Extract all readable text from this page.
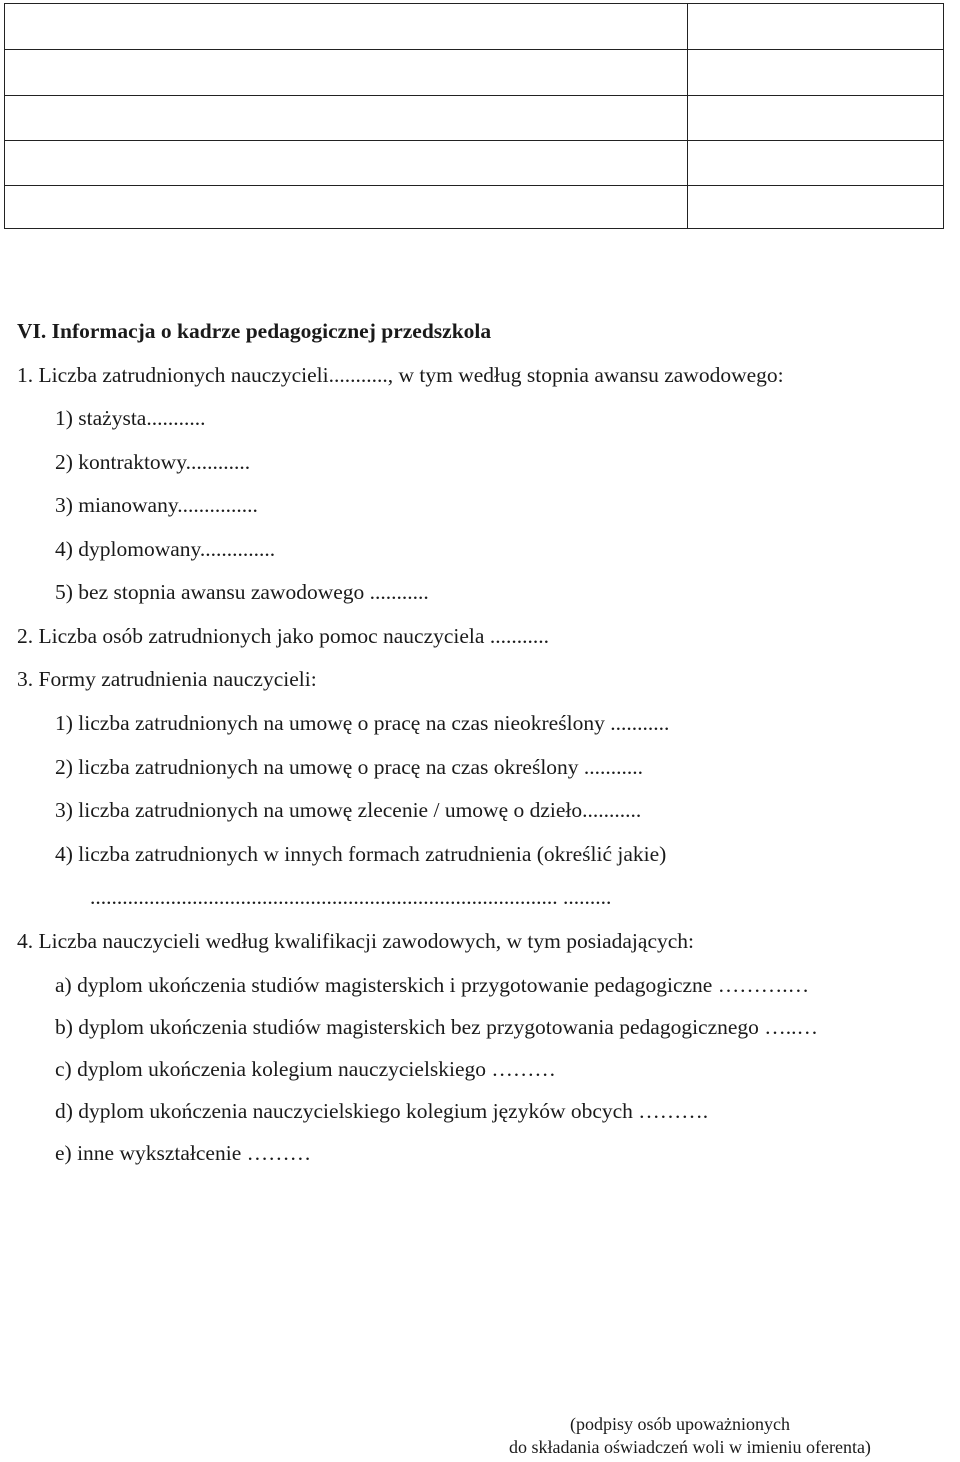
VI. Informacja o kadrze pedagogicznej przedszkola
1. Liczba zatrudnionych nauczycieli..........., w tym według stopnia awansu zawodowego:
1) stażysta...........
2) kontraktowy............
3) mianowany...............
4) dyplomowany..............
5) bez stopnia awansu zawodowego ...........
2. Liczba osób zatrudnionych jako pomoc nauczyciela ...........
3. Formy zatrudnienia nauczycieli:
1) liczba zatrudnionych na umowę o pracę na czas nieokreślony ...........
2) liczba zatrudnionych na umowę o pracę na czas określony ...........
3) liczba zatrudnionych na umowę zlecenie / umowę o dzieło...........
4) liczba zatrudnionych w innych formach zatrudnienia (określić jakie)
....................................................................................... .........
4. Liczba nauczycieli według kwalifikacji zawodowych, w tym posiadających:
a) dyplom ukończenia studiów magisterskich i przygotowanie pedagogiczne ……….…
b) dyplom ukończenia studiów magisterskich bez przygotowania pedagogicznego …..…
c) dyplom ukończenia kolegium nauczycielskiego ………
d) dyplom ukończenia nauczycielskiego kolegium języków obcych ……….
e) inne wykształcenie ………
(podpisy osób upoważnionych
do składania oświadczeń woli w imieniu oferenta)
